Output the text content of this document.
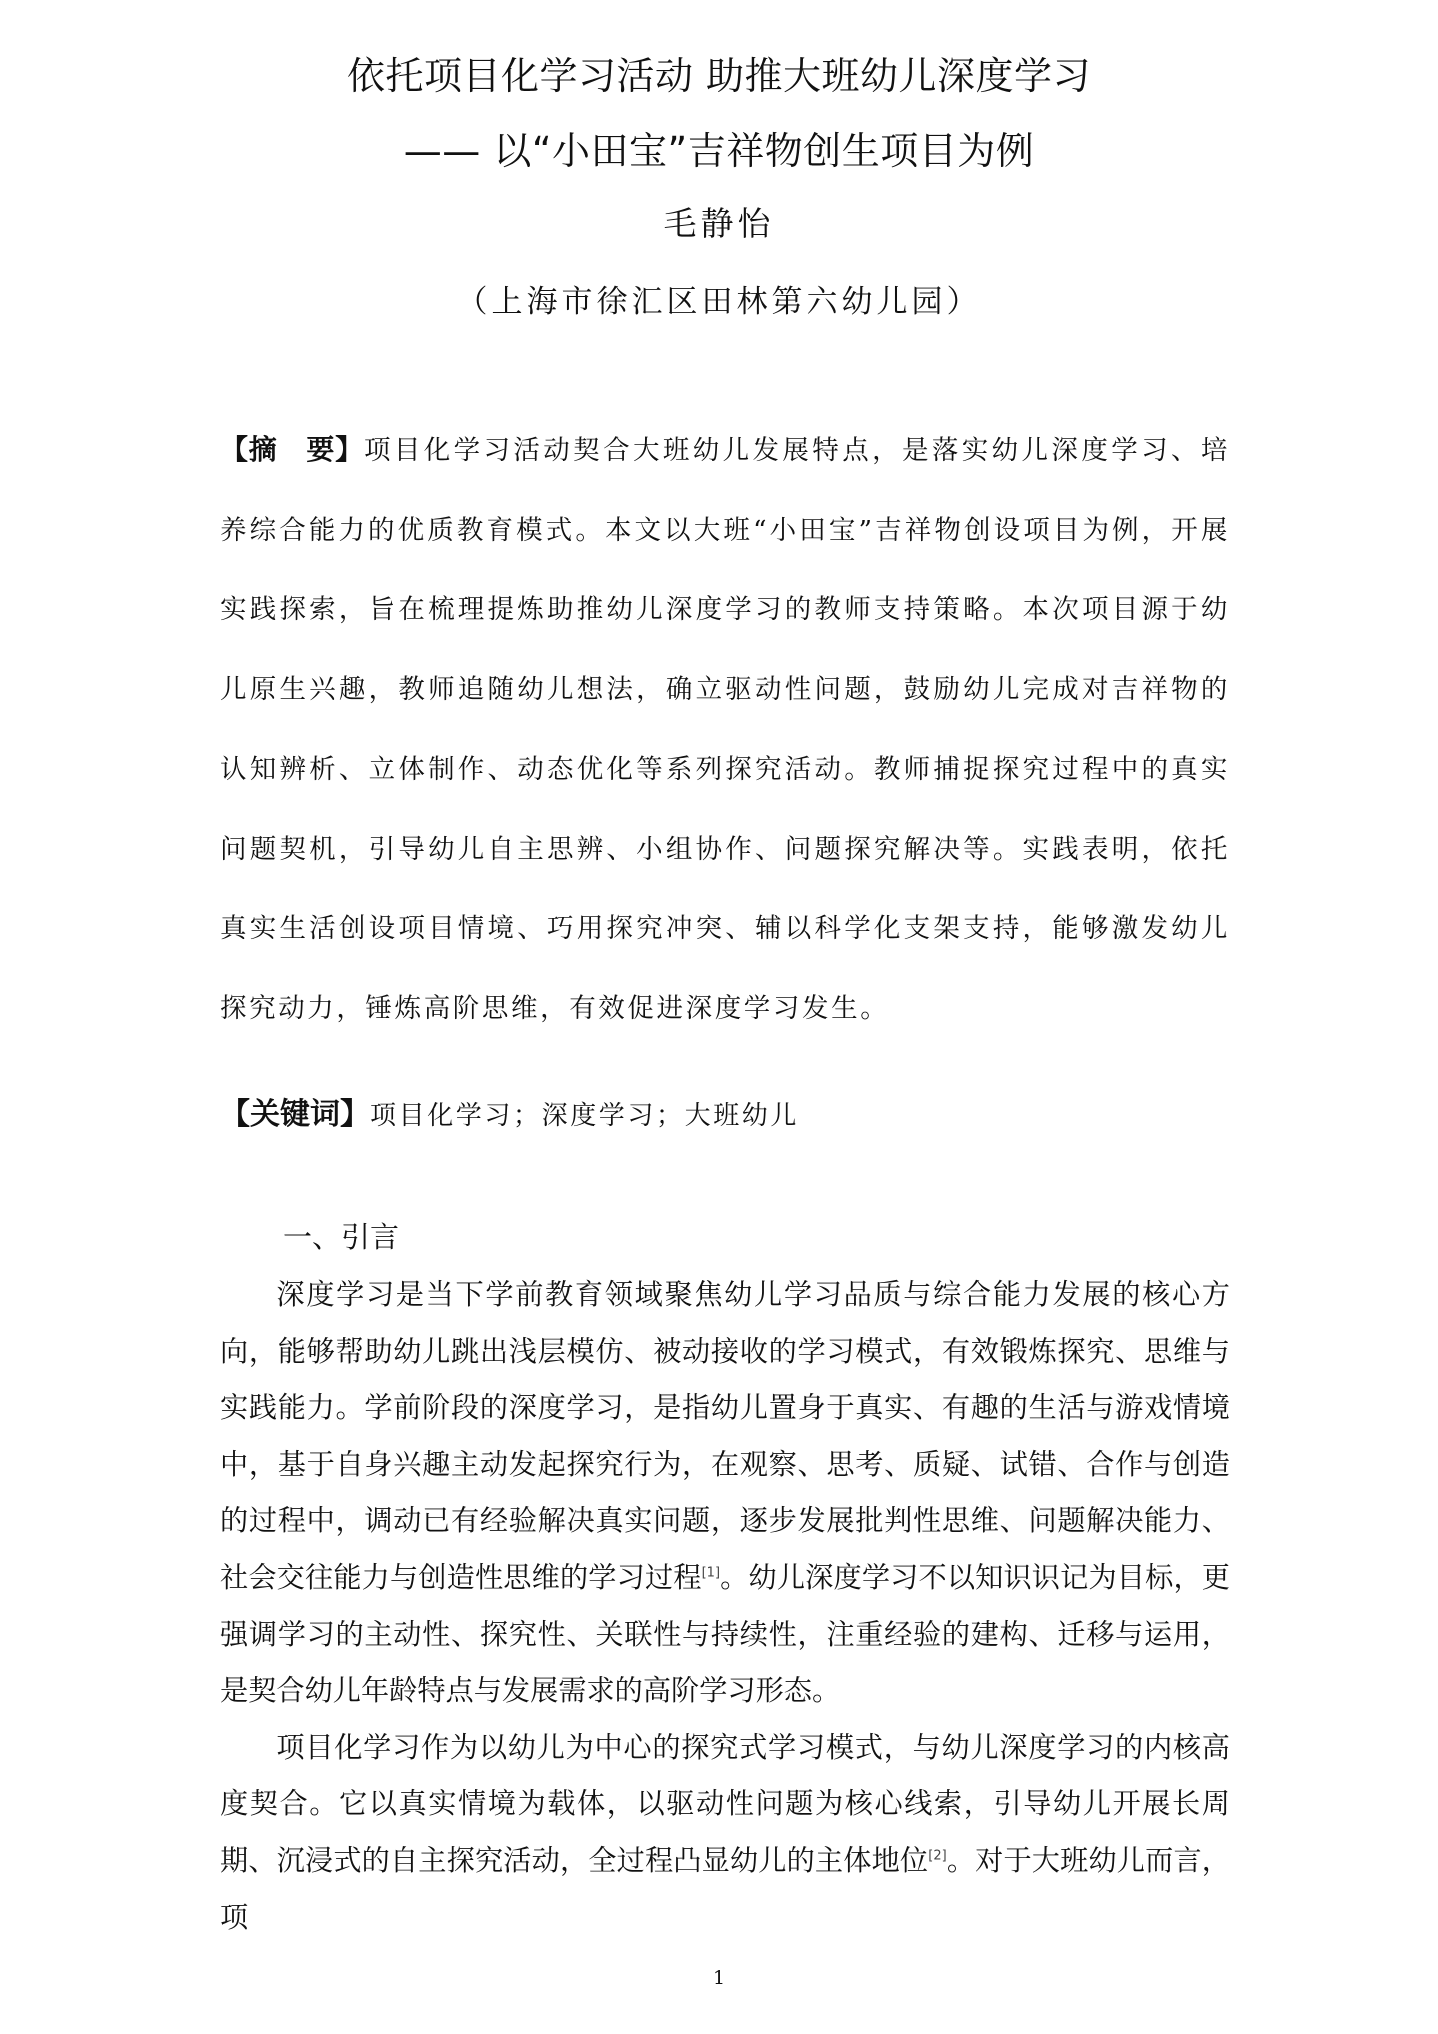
依托项目化学习活动 助推大班幼儿深度学习
—— 以“小田宝”吉祥物创生项目为例
毛静怡
（上海市徐汇区田林第六幼儿园）
【摘　要】项目化学习活动契合大班幼儿发展特点，是落实幼儿深度学习、培养综合能力的优质教育模式。本文以大班“小田宝”吉祥物创设项目为例，开展实践探索，旨在梳理提炼助推幼儿深度学习的教师支持策略。本次项目源于幼儿原生兴趣，教师追随幼儿想法，确立驱动性问题，鼓励幼儿完成对吉祥物的认知辨析、立体制作、动态优化等系列探究活动。教师捕捉探究过程中的真实问题契机，引导幼儿自主思辨、小组协作、问题探究解决等。实践表明，依托真实生活创设项目情境、巧用探究冲突、辅以科学化支架支持，能够激发幼儿探究动力，锤炼高阶思维，有效促进深度学习发生。
【关键词】项目化学习；深度学习；大班幼儿
一、引言

深度学习是当下学前教育领域聚焦幼儿学习品质与综合能力发展的核心方向，能够帮助幼儿跳出浅层模仿、被动接收的学习模式，有效锻炼探究、思维与实践能力。学前阶段的深度学习，是指幼儿置身于真实、有趣的生活与游戏情境中，基于自身兴趣主动发起探究行为，在观察、思考、质疑、试错、合作与创造的过程中，调动已有经验解决真实问题，逐步发展批判性思维、问题解决能力、社会交往能力与创造性思维的学习过程[1]。幼儿深度学习不以知识识记为目标，更强调学习的主动性、探究性、关联性与持续性，注重经验的建构、迁移与运用，是契合幼儿年龄特点与发展需求的高阶学习形态。

项目化学习作为以幼儿为中心的探究式学习模式，与幼儿深度学习的内核高度契合。它以真实情境为载体，以驱动性问题为核心线索，引导幼儿开展长周期、沉浸式的自主探究活动，全过程凸显幼儿的主体地位[2]。对于大班幼儿而言，项

1
